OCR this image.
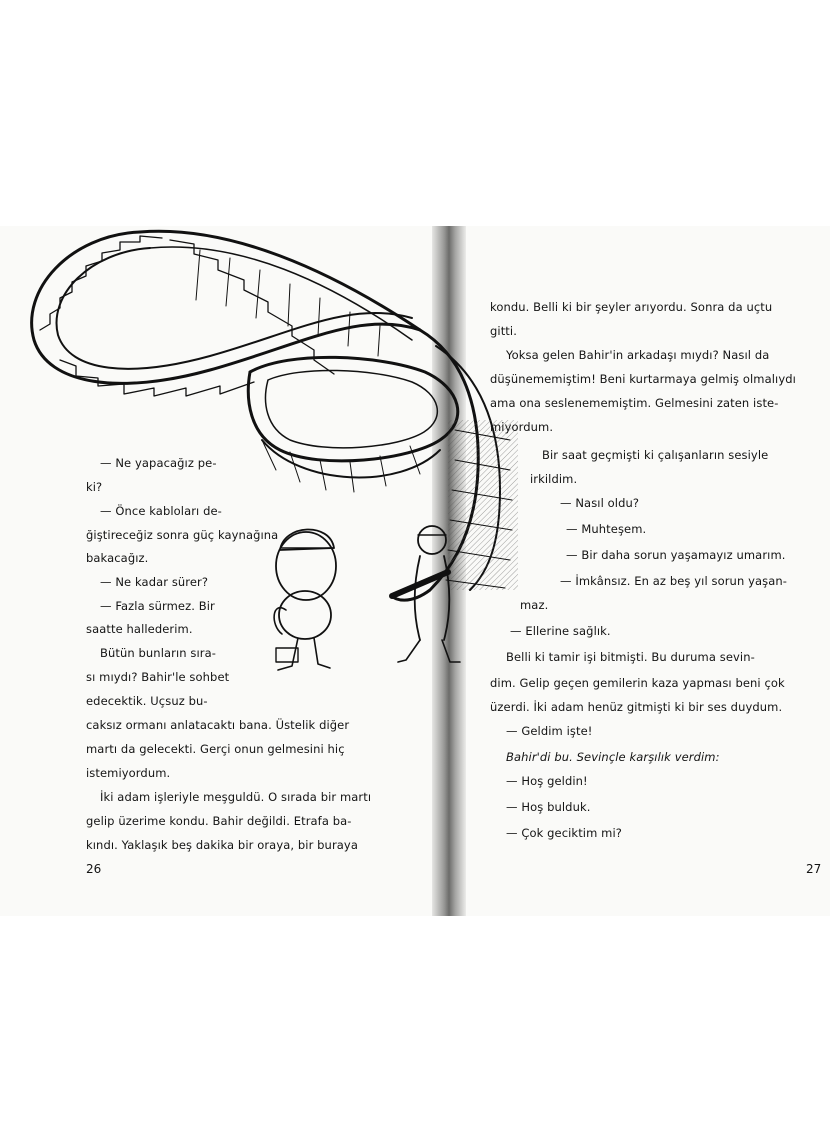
— Ne yapacağız pe-

ki?

— Önce kabloları de-

ğiştireceğiz sonra güç kaynağına

bakacağız.

— Ne kadar sürer?

— Fazla sürmez. Bir

saatte hallederim.

Bütün bunların sıra-

sı mıydı? Bahir'le sohbet

edecektik. Uçsuz bu-

caksız ormanı anlatacaktı bana. Üstelik diğer

martı da gelecekti. Gerçi onun gelmesini hiç

istemiyordum.

İki adam işleriyle meşguldü. O sırada bir martı

gelip üzerime kondu. Bahir değildi. Etrafa ba-

kındı. Yaklaşık beş dakika bir oraya, bir buraya

26

kondu. Belli ki bir şeyler arıyordu. Sonra da uçtu

gitti.

Yoksa gelen Bahir'in arkadaşı mıydı? Nasıl da

düşünememiştim! Beni kurtarmaya gelmiş olmalıydı

ama ona seslenememiştim. Gelmesini zaten iste-

miyordum.

Bir saat geçmişti ki çalışanların sesiyle

irkildim.

— Nasıl oldu?

— Muhteşem.

— Bir daha sorun yaşamayız umarım.

— İmkânsız. En az beş yıl sorun yaşan-

maz.

— Ellerine sağlık.

Belli ki tamir işi bitmişti. Bu duruma sevin-

dim. Gelip geçen gemilerin kaza yapması beni çok

üzerdi. İki adam henüz gitmişti ki bir ses duydum.

— Geldim işte!

Bahir'di bu. Sevinçle karşılık verdim:

— Hoş geldin!

— Hoş bulduk.

— Çok geciktim mi?

27
